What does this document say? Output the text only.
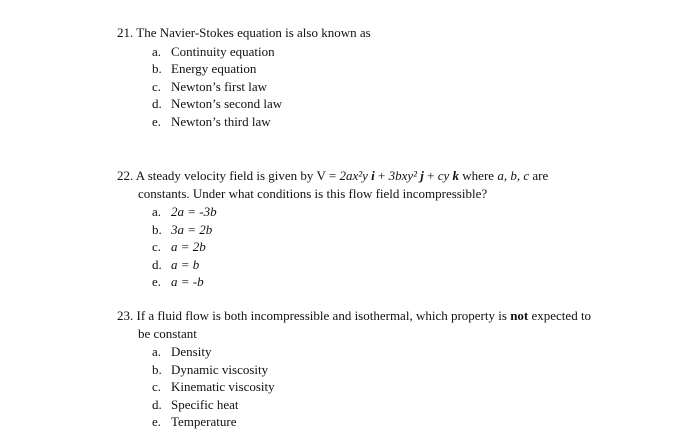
21. The Navier-Stokes equation is also known as

a. Continuity equation
b. Energy equation
c. Newton’s first law
d. Newton’s second law
e. Newton’s third law

22. A steady velocity field is given by V = 2ax²y i + 3bxy² j + cy k where a, b, c are

constants. Under what conditions is this flow field incompressible?

a. 2a = -3b
b. 3a = 2b
c. a = 2b
d. a = b
e. a = -b

23. If a fluid flow is both incompressible and isothermal, which property is not expected to

be constant

a. Density
b. Dynamic viscosity
c. Kinematic viscosity
d. Specific heat
e. Temperature
